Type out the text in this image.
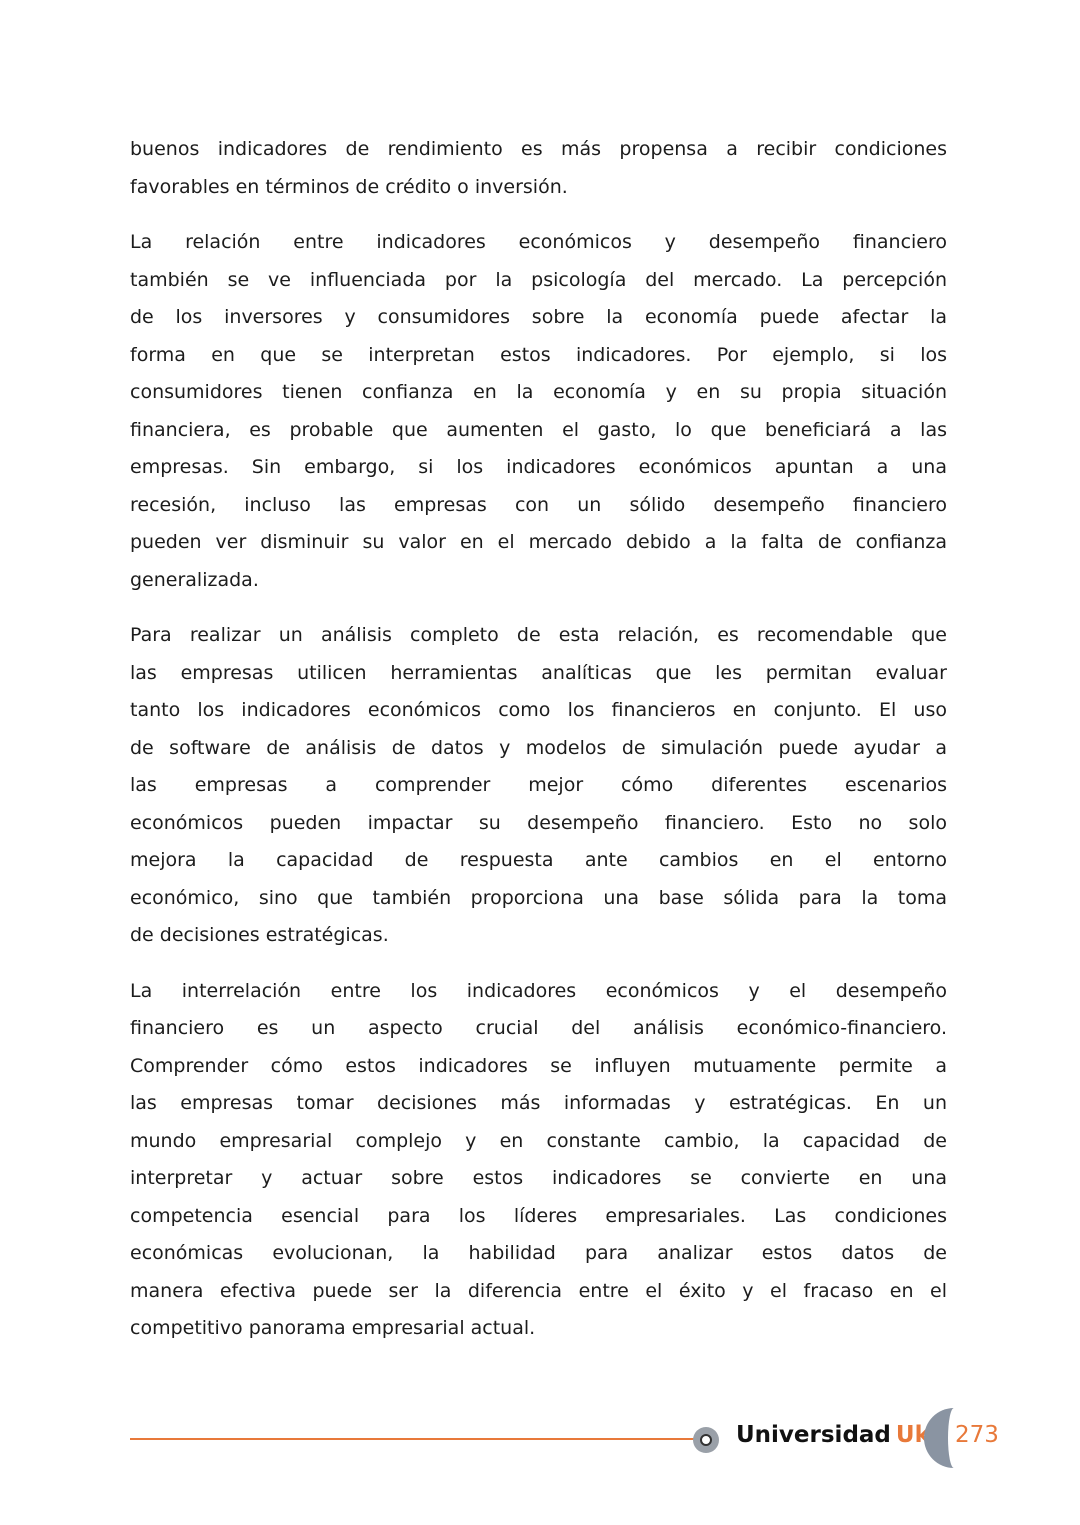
buenos indicadores de rendimiento es más propensa a recibir condiciones
favorables en términos de crédito o inversión.
La relación entre indicadores económicos y desempeño financiero
también se ve influenciada por la psicología del mercado. La percepción
de los inversores y consumidores sobre la economía puede afectar la
forma en que se interpretan estos indicadores. Por ejemplo, si los
consumidores tienen confianza en la economía y en su propia situación
financiera, es probable que aumenten el gasto, lo que beneficiará a las
empresas. Sin embargo, si los indicadores económicos apuntan a una
recesión, incluso las empresas con un sólido desempeño financiero
pueden ver disminuir su valor en el mercado debido a la falta de confianza
generalizada.
Para realizar un análisis completo de esta relación, es recomendable que
las empresas utilicen herramientas analíticas que les permitan evaluar
tanto los indicadores económicos como los financieros en conjunto. El uso
de software de análisis de datos y modelos de simulación puede ayudar a
las empresas a comprender mejor cómo diferentes escenarios
económicos pueden impactar su desempeño financiero. Esto no solo
mejora la capacidad de respuesta ante cambios en el entorno
económico, sino que también proporciona una base sólida para la toma
de decisiones estratégicas.
La interrelación entre los indicadores económicos y el desempeño
financiero es un aspecto crucial del análisis económico-financiero.
Comprender cómo estos indicadores se influyen mutuamente permite a
las empresas tomar decisiones más informadas y estratégicas. En un
mundo empresarial complejo y en constante cambio, la capacidad de
interpretar y actuar sobre estos indicadores se convierte en una
competencia esencial para los líderes empresariales. Las condiciones
económicas evolucionan, la habilidad para analizar estos datos de
manera efectiva puede ser la diferencia entre el éxito y el fracaso en el
competitivo panorama empresarial actual.
Universidad Uk 273
